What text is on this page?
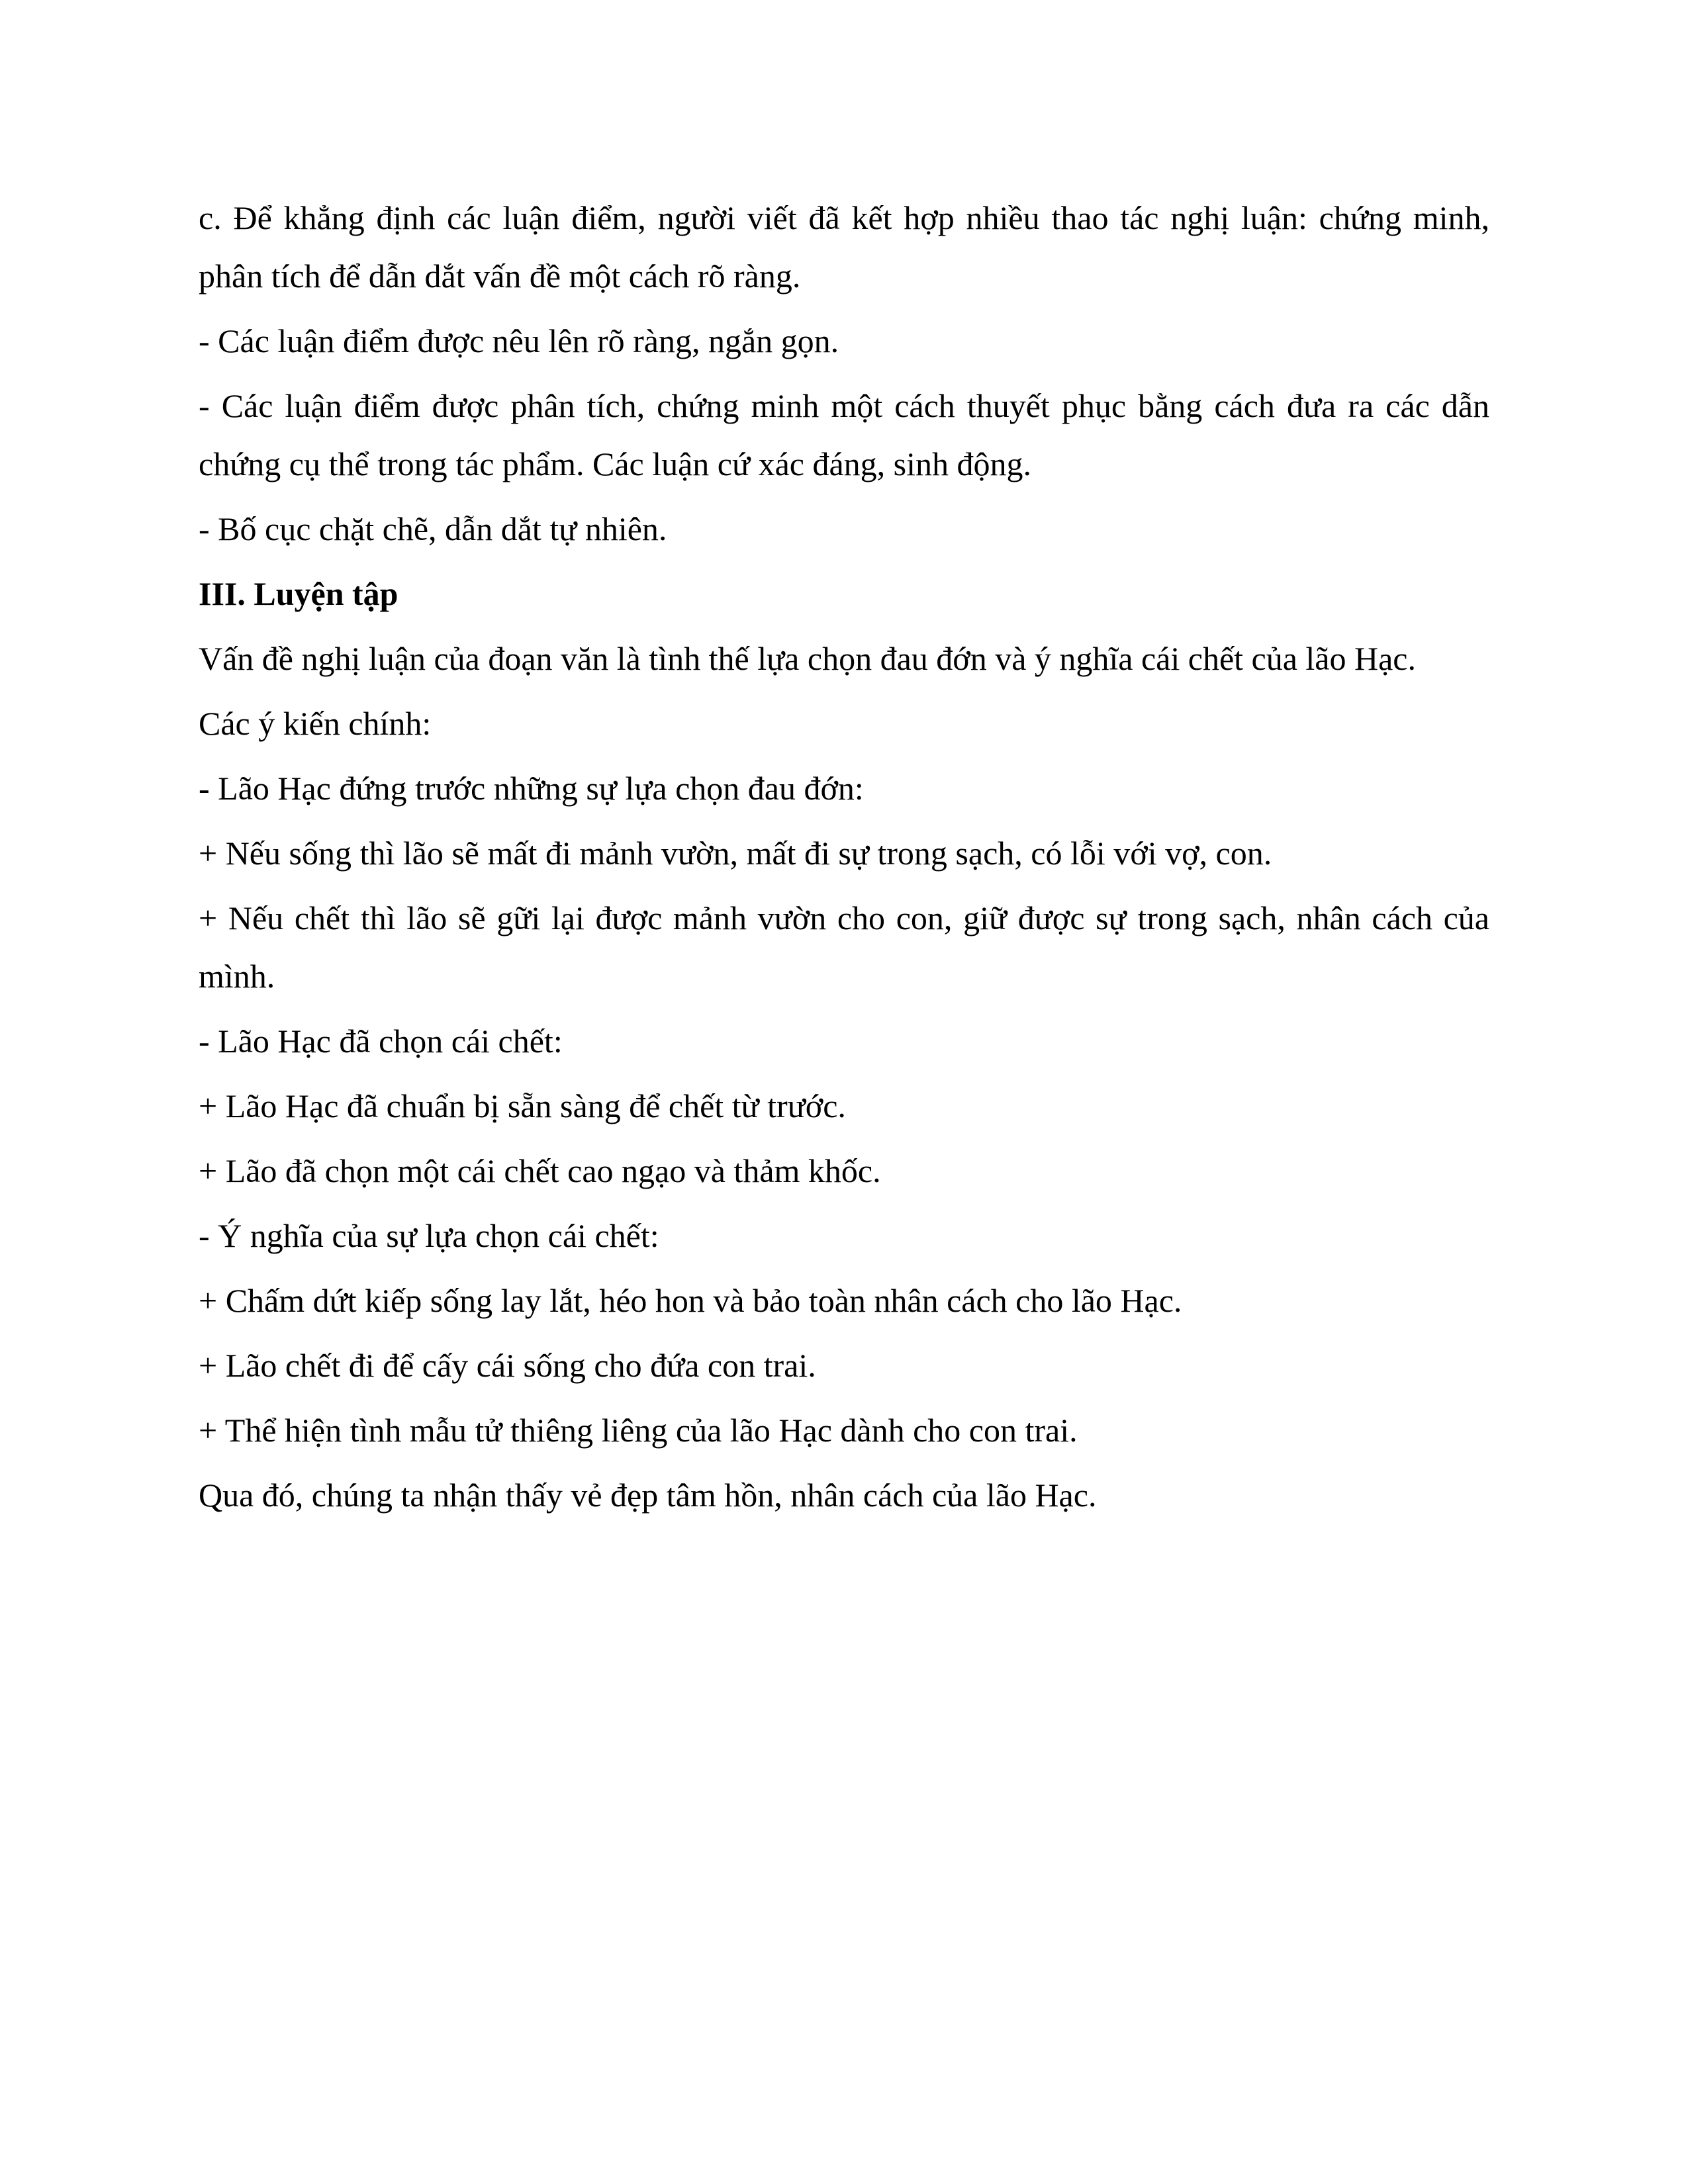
c. Để khẳng định các luận điểm, người viết đã kết hợp nhiều thao tác nghị luận: chứng minh, phân tích để dẫn dắt vấn đề một cách rõ ràng.

- Các luận điểm được nêu lên rõ ràng, ngắn gọn.

- Các luận điểm được phân tích, chứng minh một cách thuyết phục bằng cách đưa ra các dẫn chứng cụ thể trong tác phẩm. Các luận cứ xác đáng, sinh động.

- Bố cục chặt chẽ, dẫn dắt tự nhiên.

III. Luyện tập

Vấn đề nghị luận của đoạn văn là tình thế lựa chọn đau đớn và ý nghĩa cái chết của lão Hạc.

Các ý kiến chính:

- Lão Hạc đứng trước những sự lựa chọn đau đớn:

+ Nếu sống thì lão sẽ mất đi mảnh vườn, mất đi sự trong sạch, có lỗi với vợ, con.

+ Nếu chết thì lão sẽ gữi lại được mảnh vườn cho con, giữ được sự trong sạch, nhân cách của mình.

- Lão Hạc đã chọn cái chết:

+ Lão Hạc đã chuẩn bị sẵn sàng để chết từ trước.

+ Lão đã chọn một cái chết cao ngạo và thảm khốc.

- Ý nghĩa của sự lựa chọn cái chết:

+ Chấm dứt kiếp sống lay lắt, héo hon và bảo toàn nhân cách cho lão Hạc.

+ Lão chết đi để cấy cái sống cho đứa con trai.

+ Thể hiện tình mẫu tử thiêng liêng của lão Hạc dành cho con trai.

Qua đó, chúng ta nhận thấy vẻ đẹp tâm hồn, nhân cách của lão Hạc.
